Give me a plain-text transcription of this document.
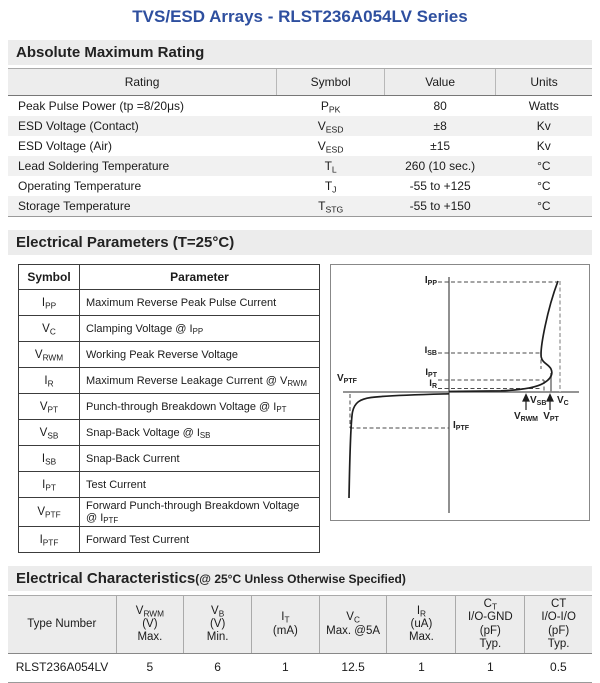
TVS/ESD Arrays - RLST236A054LV Series
Absolute Maximum Rating
Rating	Symbol	Value	Units

Peak Pulse Power (tp =8/20μs)	$P_{PK}$	80	Watts
ESD Voltage (Contact)	$V_{ESD}$	±8	Kv
ESD Voltage (Air)	$V_{ESD}$	±15	Kv
Lead Soldering Temperature	$T_L$	260 (10 sec.)	°C
Operating Temperature	$T_J$	-55 to +125	°C
Storage Temperature	$T_{STG}$	-55 to +150	°C
Electrical Parameters (T=25°C)
Symbol	Parameter

$I_{PP}$	Maximum Reverse Peak Pulse Current
$V_C$	Clamping Voltage @ $I_{PP}$
$V_{RWM}$	Working Peak Reverse Voltage
$I_R$	Maximum Reverse Leakage Current @ $V_{RWM}$
$V_{PT}$	Punch-through Breakdown Voltage @ $I_{PT}$
$V_{SB}$	Snap-Back Voltage @ $I_{SB}$
$I_{SB}$	Snap-Back Current
$I_{PT}$	Test Current
$V_{PTF}$	Forward Punch-through Breakdown Voltage @ $I_{PTF}$
$I_{PTF}$	Forward Test Current
$I_{PP}$
$I_{SB}$
$I_{PT}$
$I_R$
$V_{PTF}$
$I_{PTF}$
$V_{SB}$ $V_C$
$V_{RWM}$ $V_{PT}$
Electrical Characteristics(@ 25°C Unless Otherwise Specified)
Type Number

$V_{RWM}$
(V)
Max.

$V_B$
(V)
Min.

$I_T$
(mA)

$V_C$
Max. @5A

$I_R$
(uA)
Max.

$C_T$
I/O-GND
(pF)
Typ.

CT
I/O-I/O
(pF)
Typ.

RLST236A054LV	5	6	1	12.5	1	1	0.5
